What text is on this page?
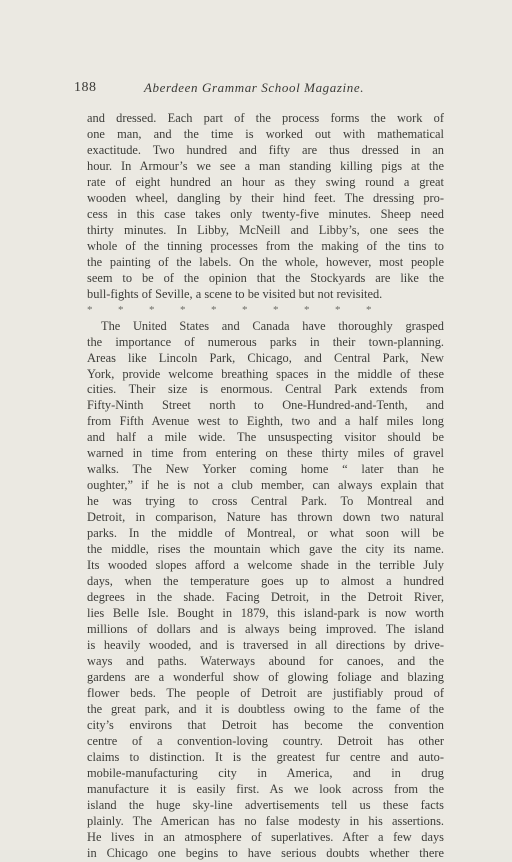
188	Aberdeen Grammar School Magazine.
and dressed. Each part of the process forms the work of
one man, and the time is worked out with mathematical
exactitude. Two hundred and fifty are thus dressed in an
hour. In Armour’s we see a man standing killing pigs at the
rate of eight hundred an hour as they swing round a great
wooden wheel, dangling by their hind feet. The dressing pro-
cess in this case takes only twenty-five minutes. Sheep need
thirty minutes. In Libby, McNeill and Libby’s, one sees the
whole of the tinning processes from the making of the tins to
the painting of the labels. On the whole, however, most people
seem to be of the opinion that the Stockyards are like the
bull-fights of Seville, a scene to be visited but not revisited.
* * * * * * * * * *
The United States and Canada have thoroughly grasped
the importance of numerous parks in their town-planning.
Areas like Lincoln Park, Chicago, and Central Park, New
York, provide welcome breathing spaces in the middle of these
cities. Their size is enormous. Central Park extends from
Fifty-Ninth Street north to One-Hundred-and-Tenth, and
from Fifth Avenue west to Eighth, two and a half miles long
and half a mile wide. The unsuspecting visitor should be
warned in time from entering on these thirty miles of gravel
walks. The New Yorker coming home “ later than he
oughter,” if he is not a club member, can always explain that
he was trying to cross Central Park. To Montreal and
Detroit, in comparison, Nature has thrown down two natural
parks. In the middle of Montreal, or what soon will be
the middle, rises the mountain which gave the city its name.
Its wooded slopes afford a welcome shade in the terrible July
days, when the temperature goes up to almost a hundred
degrees in the shade. Facing Detroit, in the Detroit River,
lies Belle Isle. Bought in 1879, this island-park is now worth
millions of dollars and is always being improved. The island
is heavily wooded, and is traversed in all directions by drive-
ways and paths. Waterways abound for canoes, and the
gardens are a wonderful show of glowing foliage and blazing
flower beds. The people of Detroit are justifiably proud of
the great park, and it is doubtless owing to the fame of the
city’s environs that Detroit has become the convention
centre of a convention-loving country. Detroit has other
claims to distinction. It is the greatest fur centre and auto-
mobile-manufacturing city in America, and in drug
manufacture it is easily first. As we look across from the
island the huge sky-line advertisements tell us these facts
plainly. The American has no false modesty in his assertions.
He lives in an atmosphere of superlatives. After a few days
in Chicago one begins to have serious doubts whether there
